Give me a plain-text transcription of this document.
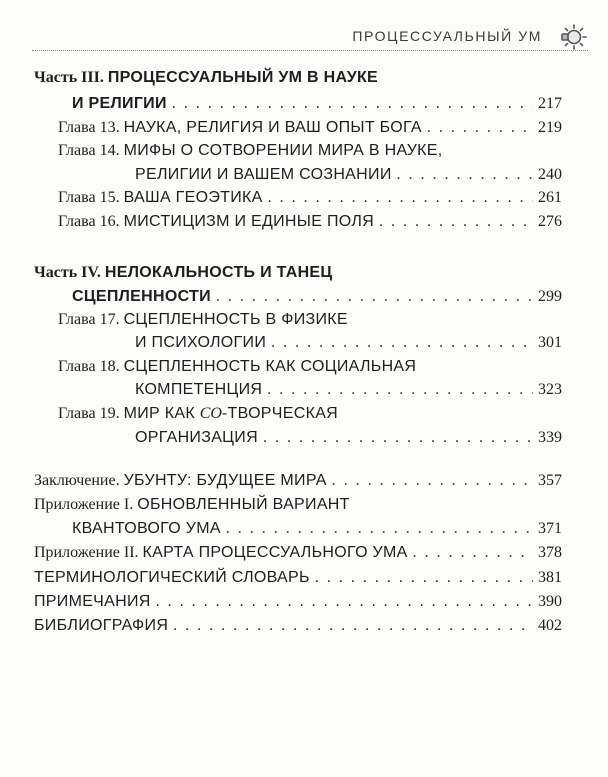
ПРОЦЕССУАЛЬНЫЙ УМ
Часть III. ПРОЦЕССУАЛЬНЫЙ УМ В НАУКЕ
И РЕЛИГИИ . . .	217
Глава 13. НАУКА, РЕЛИГИЯ И ВАШ ОПЫТ БОГА . . .	219
Глава 14. МИФЫ О СОТВОРЕНИИ МИРА В НАУКЕ,
РЕЛИГИИ И ВАШЕМ СОЗНАНИИ . . .	240
Глава 15. ВАША ГЕОЭТИКА . . .	261
Глава 16. МИСТИЦИЗМ И ЕДИНЫЕ ПОЛЯ . . .	276
Часть IV. НЕЛОКАЛЬНОСТЬ И ТАНЕЦ
СЦЕПЛЕННОСТИ . . .	299
Глава 17. СЦЕПЛЕННОСТЬ В ФИЗИКЕ
И ПСИХОЛОГИИ . . .	301
Глава 18. СЦЕПЛЕННОСТЬ КАК СОЦИАЛЬНАЯ
КОМПЕТЕНЦИЯ . . .	323
Глава 19. МИР КАК СО-ТВОРЧЕСКАЯ
ОРГАНИЗАЦИЯ . . .	339
Заключение. УБУНТУ: БУДУЩЕЕ МИРА . . .	357
Приложение I. ОБНОВЛЕННЫЙ ВАРИАНТ
КВАНТОВОГО УМА . . .	371
Приложение II. КАРТА ПРОЦЕССУАЛЬНОГО УМА . . .	378
ТЕРМИНОЛОГИЧЕСКИЙ СЛОВАРЬ . . .	381
ПРИМЕЧАНИЯ . . .	390
БИБЛИОГРАФИЯ . . .	402
